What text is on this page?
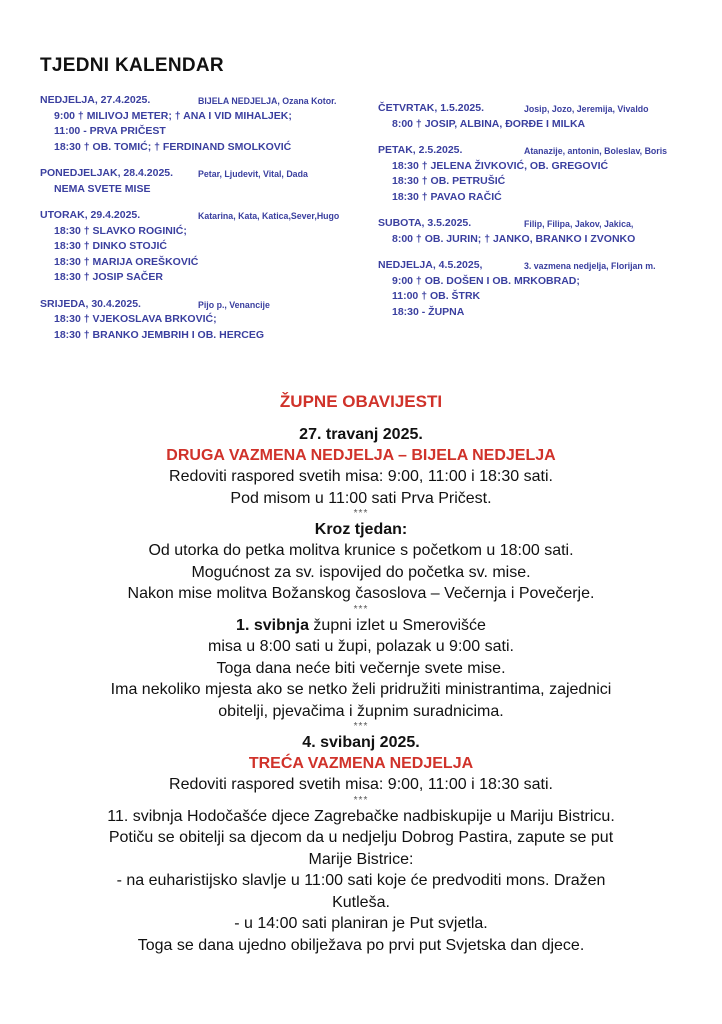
TJEDNI KALENDAR
NEDJELJA, 27.4.2025.	BIJELA NEDJELJA, Ozana Kotor.
9:00 † MILIVOJ METER; † ANA I VID MIHALJEK;
11:00 - PRVA PRIČEST
18:30 † OB. TOMIĆ; † FERDINAND SMOLKOVIĆ
PONEDJELJAK, 28.4.2025.	Petar, Ljudevit, Vital, Dada
NEMA SVETE MISE
UTORAK, 29.4.2025.	Katarina, Kata, Katica,Sever,Hugo
18:30 † SLAVKO ROGINIĆ;
18:30 † DINKO STOJIĆ
18:30 † MARIJA OREŠKOVIĆ
18:30 † JOSIP SAČER
SRIJEDA, 30.4.2025.	Pijo p., Venancije
18:30 † VJEKOSLAVA BRKOVIĆ;
18:30 † BRANKO JEMBRIH I OB. HERCEG
ČETVRTAK, 1.5.2025.	Josip, Jozo, Jeremija, Vivaldo
8:00 † JOSIP, ALBINA, ĐORĐE I MILKA
PETAK, 2.5.2025.	Atanazije, antonin, Boleslav, Boris
18:30 † JELENA ŽIVKOVIĆ, OB. GREGOVIĆ
18:30 † OB. PETRUŠIĆ
18:30 † PAVAO RAČIĆ
SUBOTA, 3.5.2025.	Filip, Filipa, Jakov, Jakica,
8:00 † OB. JURIN; † JANKO, BRANKO I ZVONKO
NEDJELJA, 4.5.2025,	3. vazmena nedjelja, Florijan m.
9:00 † OB. DOŠEN I OB. MRKOBRAD;
11:00 † OB. ŠTRK
18:30 - ŽUPNA
ŽUPNE OBAVIJESTI
27. travanj 2025.
DRUGA VAZMENA NEDJELJA – BIJELA NEDJELJA
Redoviti raspored svetih misa: 9:00, 11:00 i 18:30 sati.
Pod misom u 11:00 sati Prva Pričest.
***
Kroz tjedan:
Od utorka do petka molitva krunice s početkom u 18:00 sati.
Mogućnost za sv. ispovijed do početka sv. mise.
Nakon mise molitva Božanskog časoslova – Večernja i Povečerje.
***
1. svibnja župni izlet u Smerovišće
misa u 8:00 sati u župi, polazak u 9:00 sati.
Toga dana neće biti večernje svete mise.
Ima nekoliko mjesta ako se netko želi pridružiti ministrantima, zajednici
obitelji, pjevačima i župnim suradnicima.
***
4. svibanj 2025.
TREĆA VAZMENA NEDJELJA
Redoviti raspored svetih misa: 9:00, 11:00 i 18:30 sati.
***
11. svibnja Hodočašće djece Zagrebačke nadbiskupije u Mariju Bistricu.
Potiču se obitelji sa djecom da u nedjelju Dobrog Pastira, zapute se put
Marije Bistrice:
- na euharistijsko slavlje u 11:00 sati koje će predvoditi mons. Dražen
Kutleša.
- u 14:00 sati planiran je Put svjetla.
Toga se dana ujedno obilježava po prvi put Svjetska dan djece.
